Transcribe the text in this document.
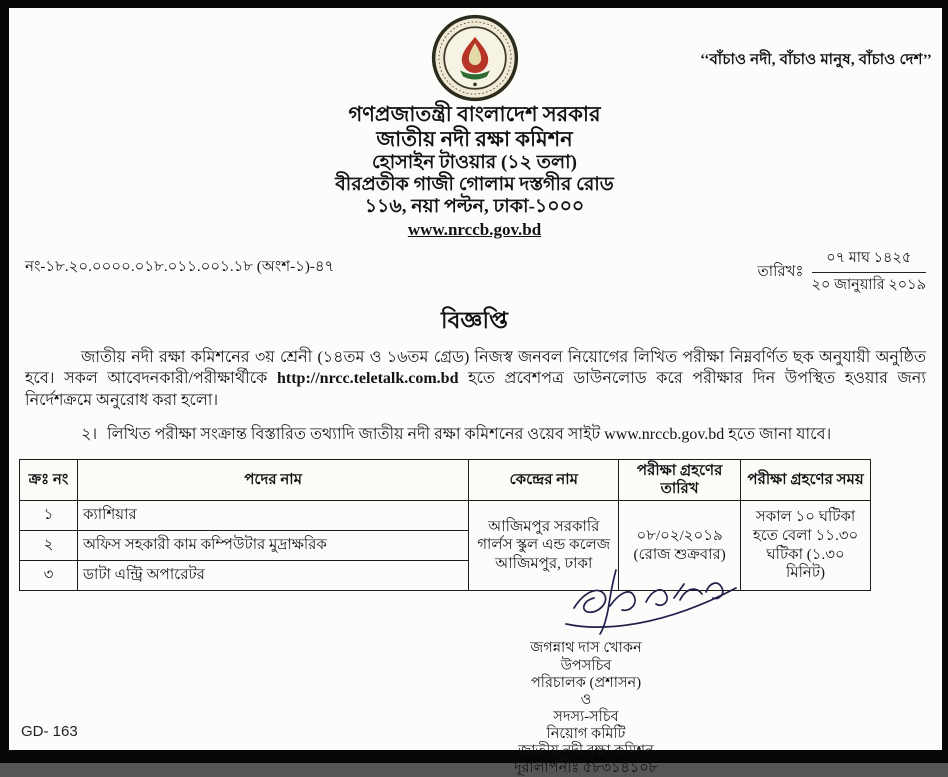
‘‘বাঁচাও নদী, বাঁচাও মানুষ, বাঁচাও দেশ’’
গণপ্রজাতন্ত্রী বাংলাদেশ সরকার
জাতীয় নদী রক্ষা কমিশন
হোসাইন টাওয়ার (১২ তলা)
বীরপ্রতীক গাজী গোলাম দস্তগীর রোড
১১৬, নয়া পল্টন, ঢাকা-১০০০
www.nrccb.gov.bd
নং-১৮.২০.০০০০.০১৮.০১১.০০১.১৮ (অংশ-১)-৪৭	তারিখঃ
০৭ মাঘ ১৪২৫
২০ জানুয়ারি ২০১৯
বিজ্ঞপ্তি
জাতীয় নদী রক্ষা কমিশনের ৩য় শ্রেনী (১৪তম ও ১৬তম গ্রেড) নিজস্ব জনবল নিয়োগের লিখিত পরীক্ষা নিম্নবর্ণিত ছক অনুযায়ী অনুষ্ঠিত হবে। সকল আবেদনকারী/পরীক্ষার্থীকে http://nrcc.teletalk.com.bd হতে প্রবেশপত্র ডাউনলোড করে পরীক্ষার দিন উপস্থিত হওয়ার জন্য নির্দেশক্রমে অনুরোধ করা হলো।
২। লিখিত পরীক্ষা সংক্রান্ত বিস্তারিত তথ্যাদি জাতীয় নদী রক্ষা কমিশনের ওয়েব সাইট www.nrccb.gov.bd হতে জানা যাবে।
ক্রঃ নং	পদের নাম	কেন্দ্রের নাম	পরীক্ষা গ্রহণের তারিখ	পরীক্ষা গ্রহণের সময়
১	ক্যাশিয়ার	আজিমপুর সরকারি গার্লস স্কুল এন্ড কলেজ আজিমপুর, ঢাকা	০৮/০২/২০১৯ (রোজ শুক্রবার)	সকাল ১০ ঘটিকা হতে বেলা ১১.৩০ ঘটিকা (১.৩০ মিনিট)
২	অফিস সহকারী কাম কম্পিউটার মুদ্রাক্ষরিক			
৩	ডাটা এন্ট্রি অপারেটর			
জগন্নাথ দাস খোকন
উপসচিব
পরিচালক (প্রশাসন)
ও
সদস্য-সচিব
নিয়োগ কমিটি
জাতীয় নদী রক্ষা কমিশন
দূরালাপনীঃ ৫৮৩১৪১০৮
GD- 163
